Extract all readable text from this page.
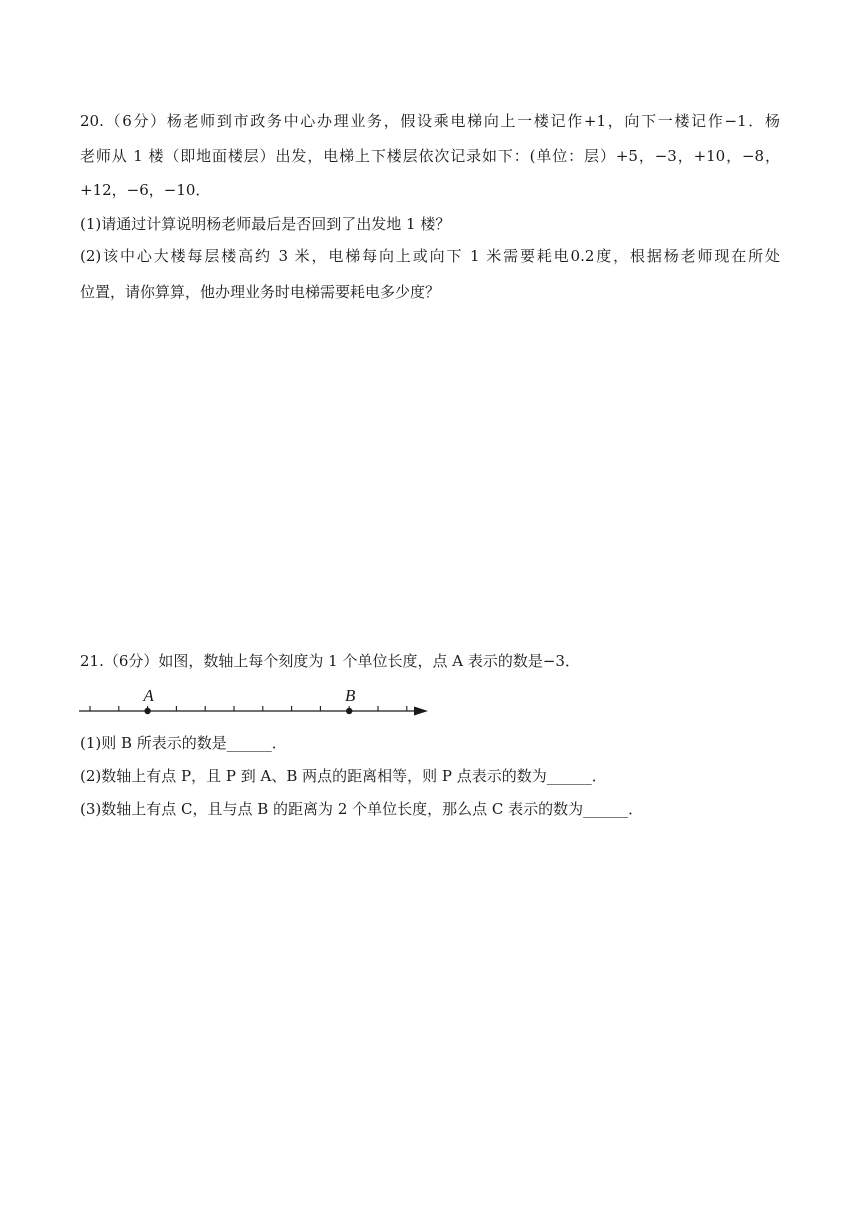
20.（6分）杨老师到市政务中心办理业务，假设乘电梯向上一楼记作+1，向下一楼记作−1．杨
老师从 1 楼（即地面楼层）出发，电梯上下楼层依次记录如下：(单位：层）+5，−3，+10，−8，
+12，−6，−10．
(1)请通过计算说明杨老师最后是否回到了出发地 1 楼？
(2)该中心大楼每层楼高约 3 米，电梯每向上或向下 1 米需要耗电0.2度，根据杨老师现在所处
位置，请你算算，他办理业务时电梯需要耗电多少度？
21.（6分）如图，数轴上每个刻度为 1 个单位长度，点 A 表示的数是−3．
A	B
(1)则 B 所表示的数是______．
(2)数轴上有点 P，且 P 到 A、B 两点的距离相等，则 P 点表示的数为______．
(3)数轴上有点 C，且与点 B 的距离为 2 个单位长度，那么点 C 表示的数为______．
